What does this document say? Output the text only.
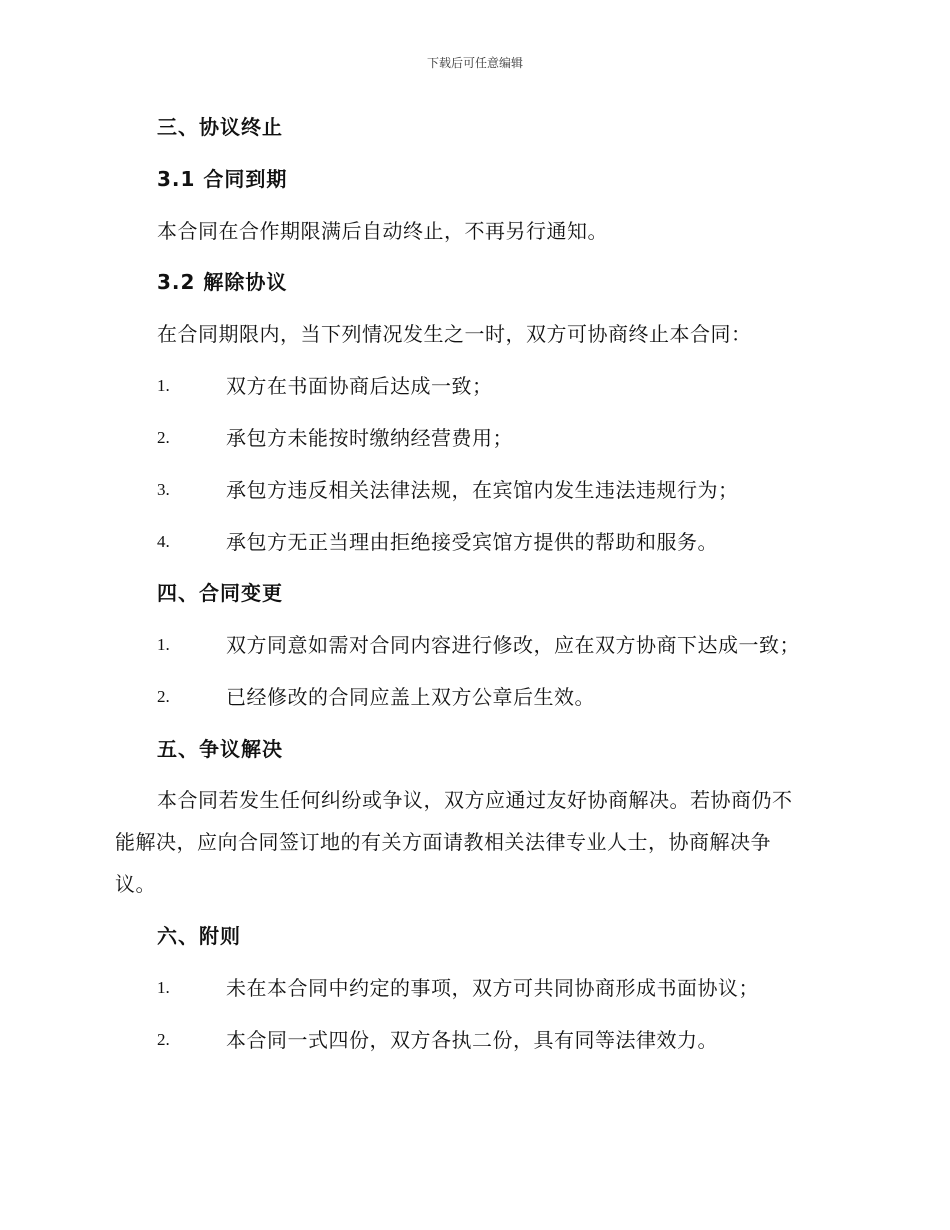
下载后可任意编辑
三、协议终止
3.1 合同到期
本合同在合作期限满后自动终止，不再另行通知。
3.2 解除协议
在合同期限内，当下列情况发生之一时，双方可协商终止本合同：
1.	双方在书面协商后达成一致；
2.	承包方未能按时缴纳经营费用；
3.	承包方违反相关法律法规，在宾馆内发生违法违规行为；
4.	承包方无正当理由拒绝接受宾馆方提供的帮助和服务。
四、合同变更
1.	双方同意如需对合同内容进行修改，应在双方协商下达成一致；
2.	已经修改的合同应盖上双方公章后生效。
五、争议解决
本合同若发生任何纠纷或争议，双方应通过友好协商解决。若协商仍不
能解决，应向合同签订地的有关方面请教相关法律专业人士，协商解决争
议。
六、附则
1.	未在本合同中约定的事项，双方可共同协商形成书面协议；
2.	本合同一式四份，双方各执二份，具有同等法律效力。
